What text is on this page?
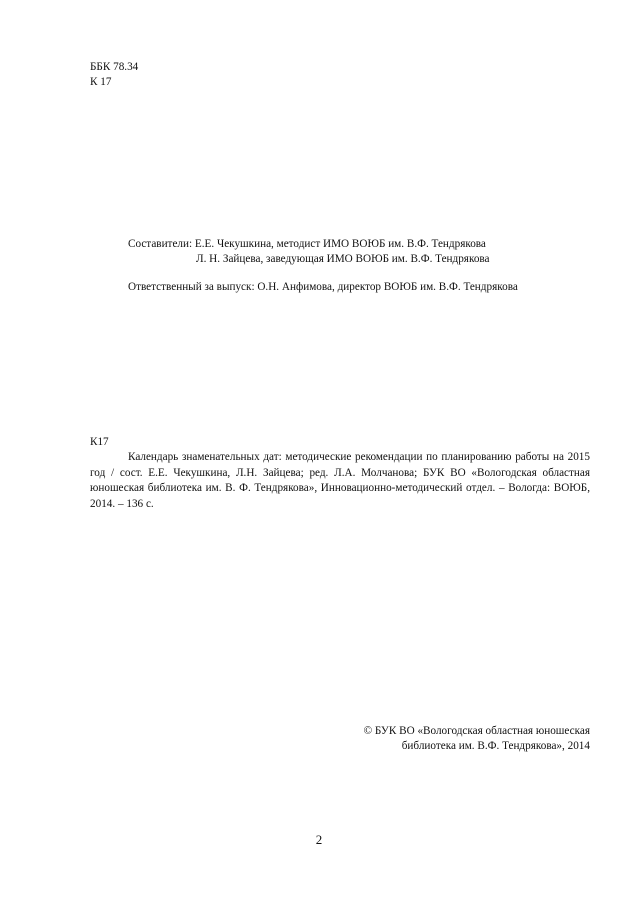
ББК 78.34
К 17
Составители: Е.Е. Чекушкина, методист ИМО ВОЮБ им. В.Ф. Тендрякова
Л. Н. Зайцева, заведующая ИМО ВОЮБ им. В.Ф. Тендрякова
Ответственный за выпуск: О.Н. Анфимова, директор ВОЮБ им. В.Ф. Тендрякова
К17
Календарь знаменательных дат: методические рекомендации по планированию работы на 2015 год / сост. Е.Е. Чекушкина, Л.Н. Зайцева; ред. Л.А. Молчанова; БУК ВО «Вологодская областная юношеская библиотека им. В. Ф. Тендрякова», Инновационно-методический отдел. – Вологда: ВОЮБ, 2014. – 136 с.
© БУК ВО «Вологодская областная юношеская
библиотека им. В.Ф. Тендрякова», 2014
2
